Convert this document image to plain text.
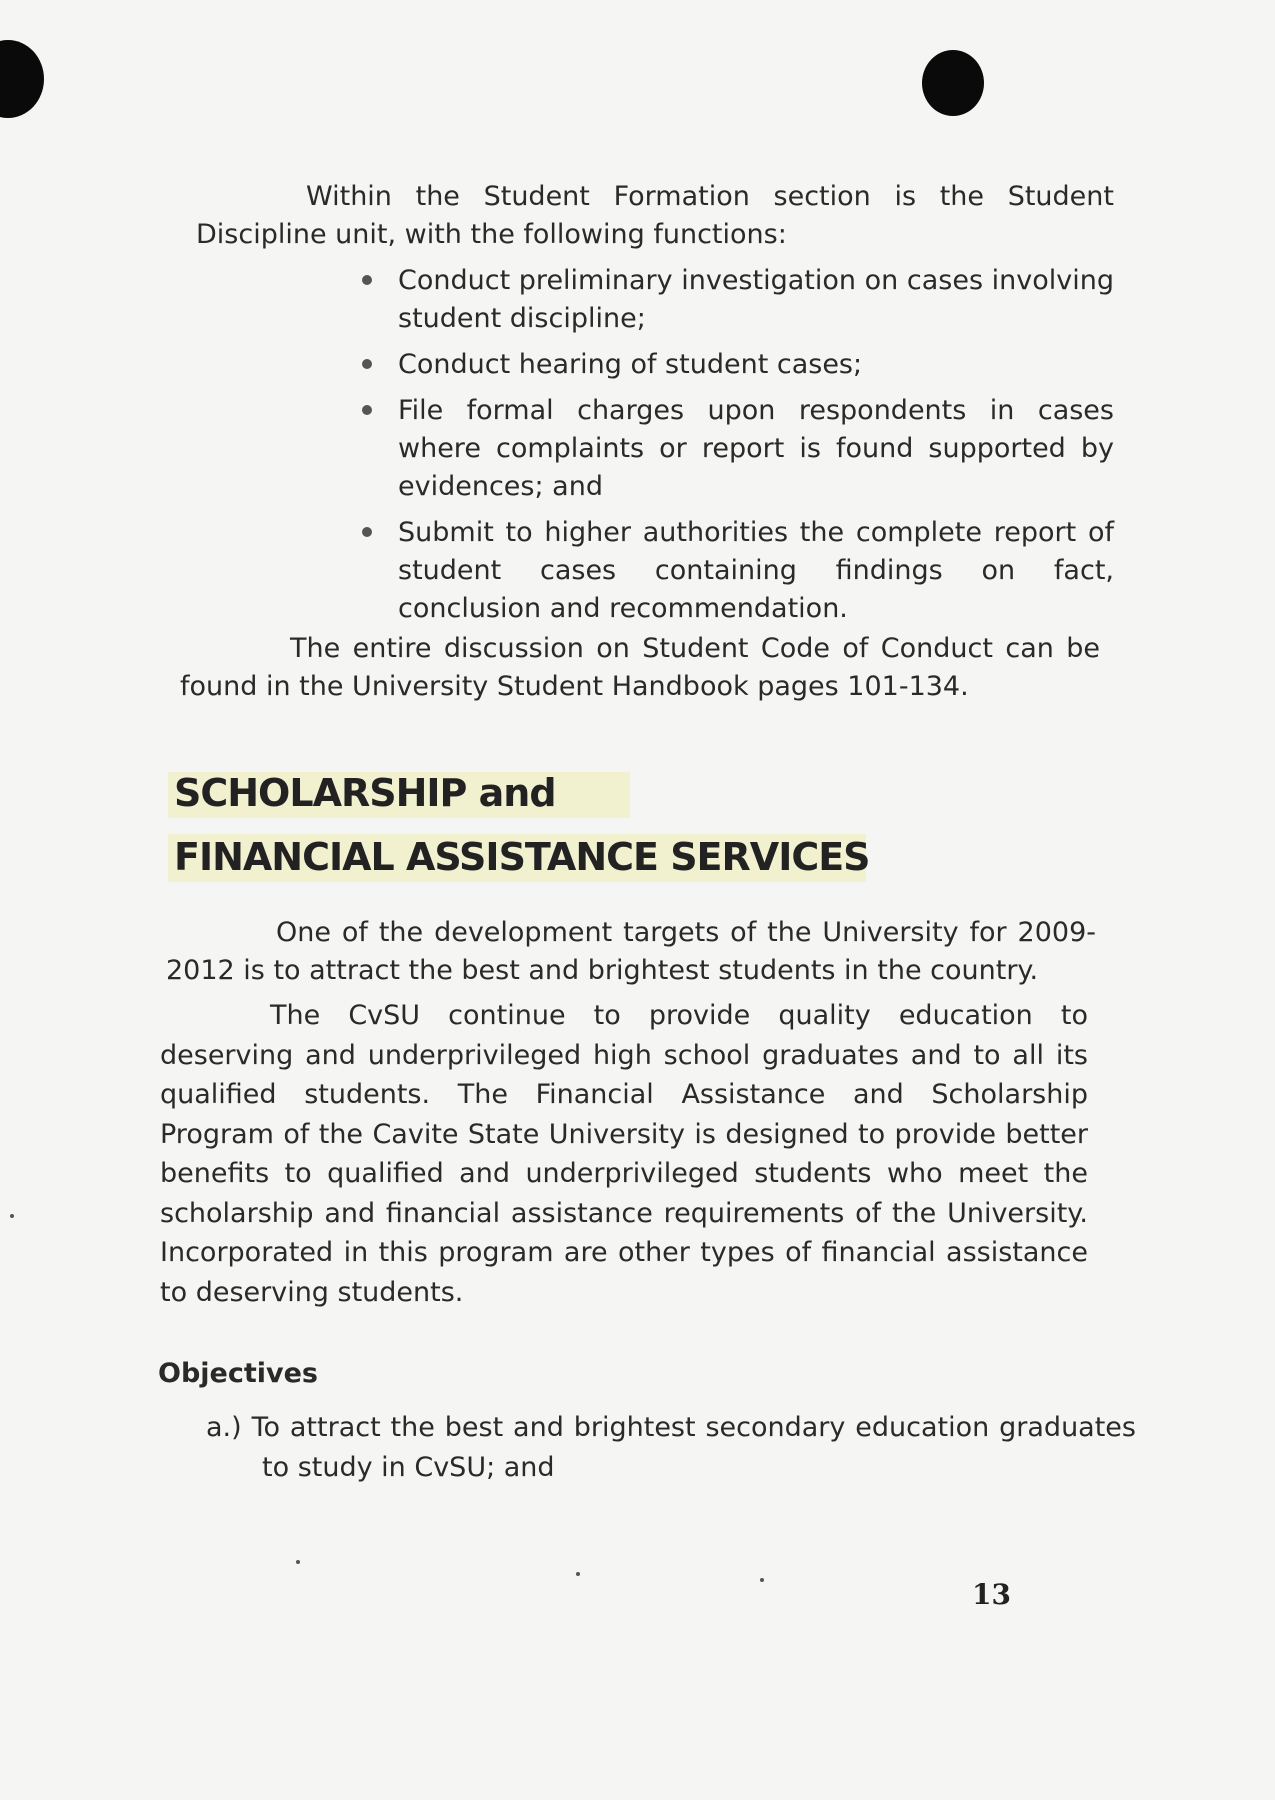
Within the Student Formation section is the Student Discipline unit, with the following functions:

Conduct preliminary investigation on cases involving student discipline;
Conduct hearing of student cases;
File formal charges upon respondents in cases where complaints or report is found supported by evidences; and
Submit to higher authorities the complete report of student cases containing findings on fact, conclusion and recommendation.

The entire discussion on Student Code of Conduct can be found in the University Student Handbook pages 101-134.

SCHOLARSHIP and
FINANCIAL ASSISTANCE SERVICES

One of the development targets of the University for 2009-2012 is to attract the best and brightest students in the country.

The CvSU continue to provide quality education to deserving and underprivileged high school graduates and to all its qualified students. The Financial Assistance and Scholarship Program of the Cavite State University is designed to provide better benefits to qualified and underprivileged students who meet the scholarship and financial assistance requirements of the University. Incorporated in this program are other types of financial assistance to deserving students.

Objectives

a.) To attract the best and brightest secondary education graduates to study in CvSU; and

13
